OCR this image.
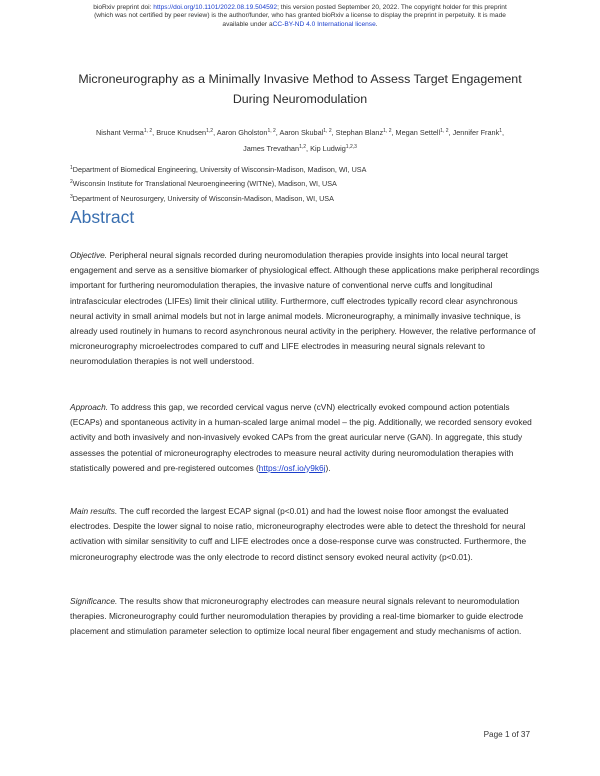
bioRxiv preprint doi: https://doi.org/10.1101/2022.08.19.504592; this version posted September 20, 2022. The copyright holder for this preprint
(which was not certified by peer review) is the author/funder, who has granted bioRxiv a license to display the preprint in perpetuity. It is made
available under aCC-BY-ND 4.0 International license.
Microneurography as a Minimally Invasive Method to Assess Target Engagement
During Neuromodulation
Nishant Verma$^{1, 2}$, Bruce Knudsen$^{1,2}$, Aaron Gholston$^{1, 2}$, Aaron Skubal$^{1, 2}$, Stephan Blanz$^{1, 2}$, Megan Settell$^{1, 2}$, Jennifer Frank$^1$,
James Trevathan$^{1,2}$, Kip Ludwig$^{1,2,3}$
$^1$Department of Biomedical Engineering, University of Wisconsin-Madison, Madison, WI, USA
$^2$Wisconsin Institute for Translational Neuroengineering (WITNe), Madison, WI, USA
$^3$Department of Neurosurgery, University of Wisconsin-Madison, Madison, WI, USA
Abstract

Objective. Peripheral neural signals recorded during neuromodulation therapies provide insights into local neural target engagement and serve as a sensitive biomarker of physiological effect. Although these applications make peripheral recordings important for furthering neuromodulation therapies, the invasive nature of conventional nerve cuffs and longitudinal intrafascicular electrodes (LIFEs) limit their clinical utility. Furthermore, cuff electrodes typically record clear asynchronous neural activity in small animal models but not in large animal models. Microneurography, a minimally invasive technique, is already used routinely in humans to record asynchronous neural activity in the periphery. However, the relative performance of microneurography microelectrodes compared to cuff and LIFE electrodes in measuring neural signals relevant to neuromodulation therapies is not well understood.

Approach. To address this gap, we recorded cervical vagus nerve (cVN) electrically evoked compound action potentials (ECAPs) and spontaneous activity in a human-scaled large animal model – the pig. Additionally, we recorded sensory evoked activity and both invasively and non-invasively evoked CAPs from the great auricular nerve (GAN). In aggregate, this study assesses the potential of microneurography electrodes to measure neural activity during neuromodulation therapies with statistically powered and pre-registered outcomes (https://osf.io/y9k6j).

Main results. The cuff recorded the largest ECAP signal (p<0.01) and had the lowest noise floor amongst the evaluated electrodes. Despite the lower signal to noise ratio, microneurography electrodes were able to detect the threshold for neural activation with similar sensitivity to cuff and LIFE electrodes once a dose-response curve was constructed. Furthermore, the microneurography electrode was the only electrode to record distinct sensory evoked neural activity (p<0.01).

Significance. The results show that microneurography electrodes can measure neural signals relevant to neuromodulation therapies. Microneurography could further neuromodulation therapies by providing a real-time biomarker to guide electrode placement and stimulation parameter selection to optimize local neural fiber engagement and study mechanisms of action.

Page 1 of 37
